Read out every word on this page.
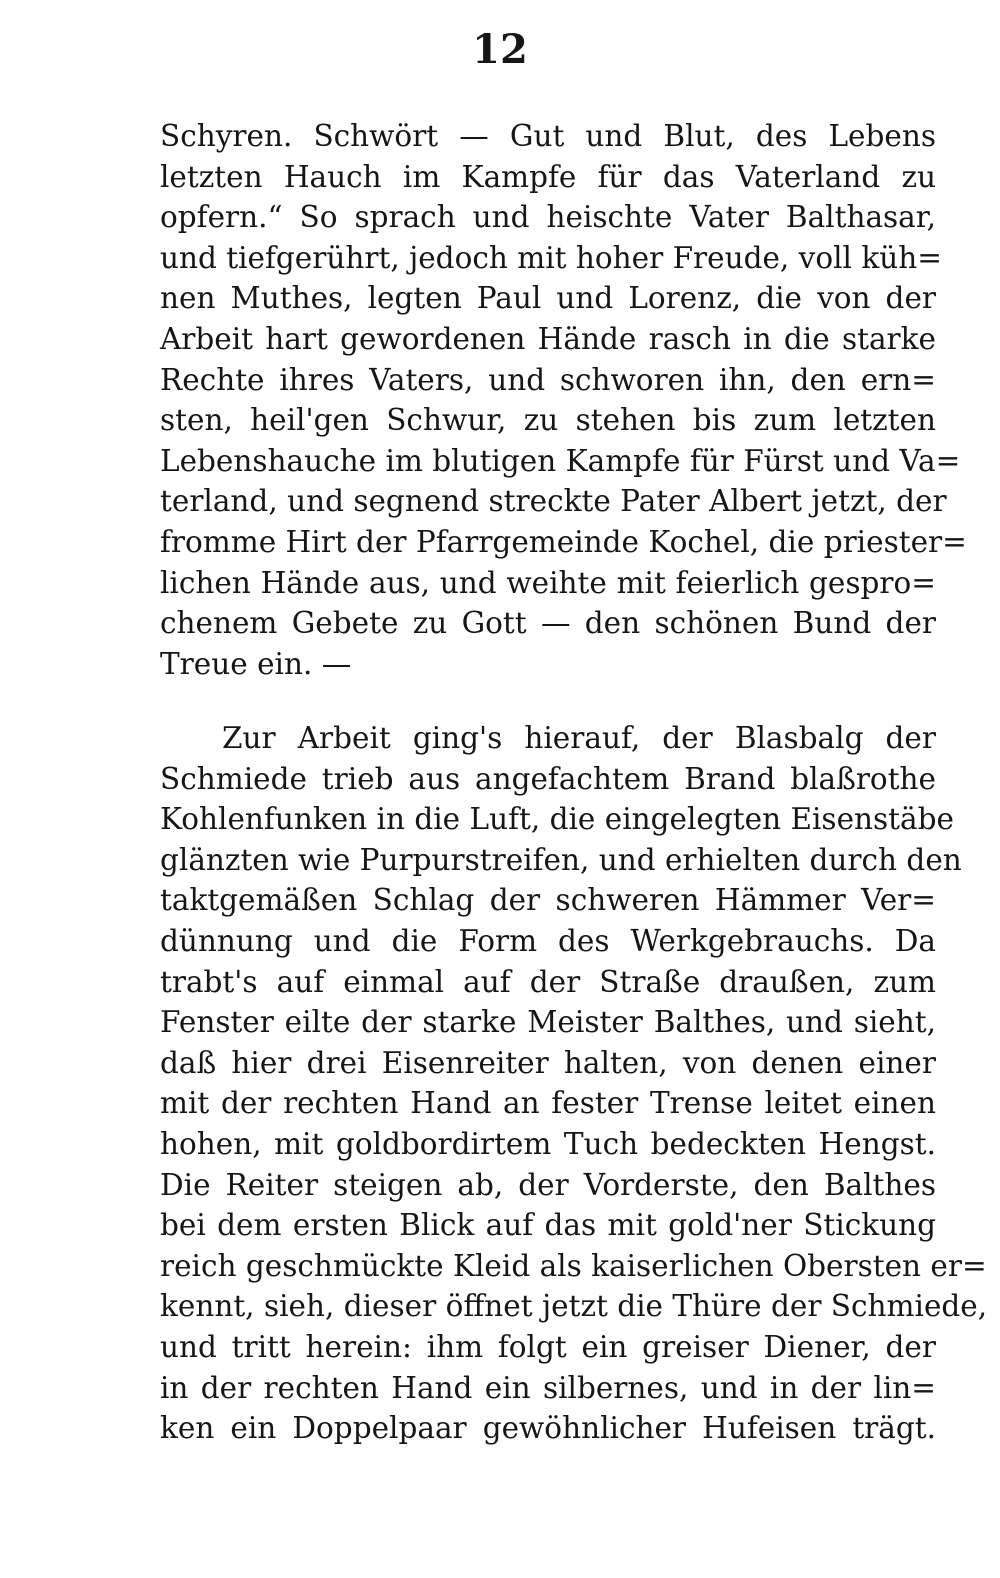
12
Schyren. Schwört — Gut und Blut, des Lebens
letzten Hauch im Kampfe für das Vaterland zu
opfern.“ So sprach und heischte Vater Balthasar,
und tiefgerührt, jedoch mit hoher Freude, voll küh=
nen Muthes, legten Paul und Lorenz, die von der
Arbeit hart gewordenen Hände rasch in die starke
Rechte ihres Vaters, und schworen ihn, den ern=
sten, heil'gen Schwur, zu stehen bis zum letzten
Lebenshauche im blutigen Kampfe für Fürst und Va=
terland, und segnend streckte Pater Albert jetzt, der
fromme Hirt der Pfarrgemeinde Kochel, die priester=
lichen Hände aus, und weihte mit feierlich gespro=
chenem Gebete zu Gott — den schönen Bund der
Treue ein. —
Zur Arbeit ging's hierauf, der Blasbalg der
Schmiede trieb aus angefachtem Brand blaßrothe
Kohlenfunken in die Luft, die eingelegten Eisenstäbe
glänzten wie Purpurstreifen, und erhielten durch den
taktgemäßen Schlag der schweren Hämmer Ver=
dünnung und die Form des Werkgebrauchs. Da
trabt's auf einmal auf der Straße draußen, zum
Fenster eilte der starke Meister Balthes, und sieht,
daß hier drei Eisenreiter halten, von denen einer
mit der rechten Hand an fester Trense leitet einen
hohen, mit goldbordirtem Tuch bedeckten Hengst.
Die Reiter steigen ab, der Vorderste, den Balthes
bei dem ersten Blick auf das mit gold'ner Stickung
reich geschmückte Kleid als kaiserlichen Obersten er=
kennt, sieh, dieser öffnet jetzt die Thüre der Schmiede,
und tritt herein: ihm folgt ein greiser Diener, der
in der rechten Hand ein silbernes, und in der lin=
ken ein Doppelpaar gewöhnlicher Hufeisen trägt.
